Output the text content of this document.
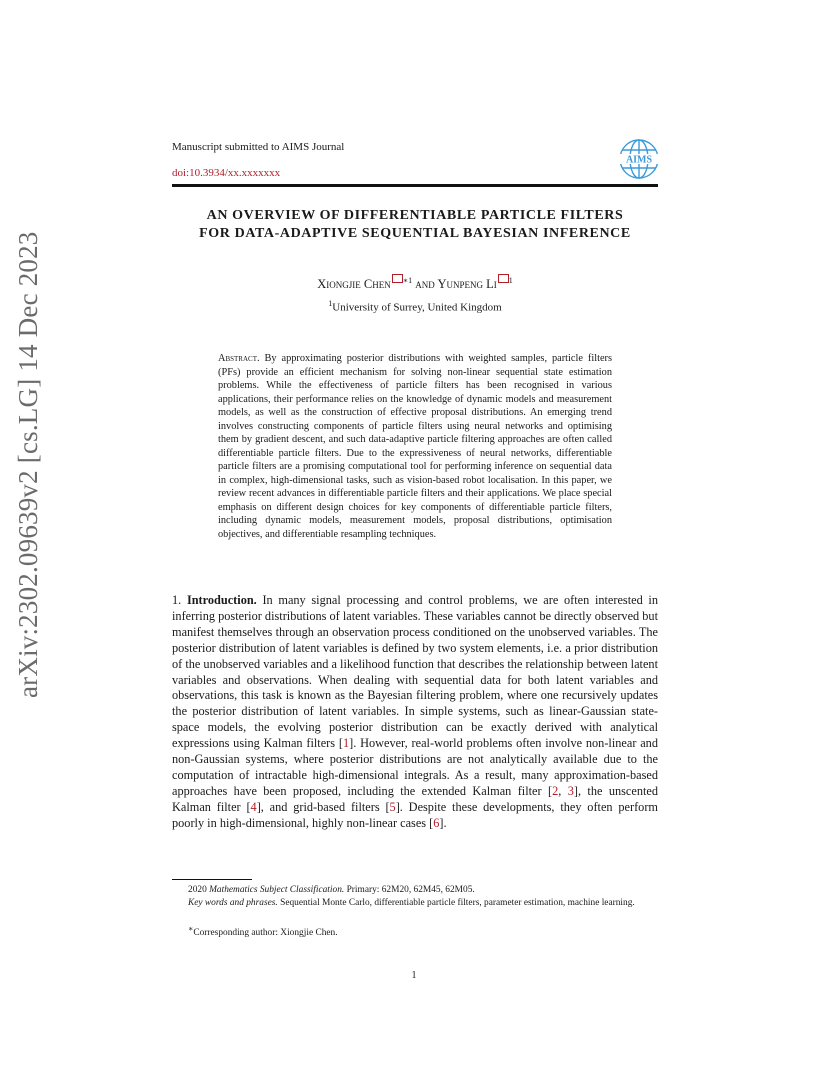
arXiv:2302.09639v2 [cs.LG] 14 Dec 2023
Manuscript submitted to AIMS Journal
doi:10.3934/xx.xxxxxxx
AIMS
AN OVERVIEW OF DIFFERENTIABLE PARTICLE FILTERS
FOR DATA-ADAPTIVE SEQUENTIAL BAYESIAN INFERENCE
Xiongjie Chen $^{∗1}$ and Yunpeng Li $^1$
$^1$University of Surrey, United Kingdom
Abstract. By approximating posterior distributions with weighted samples, particle filters (PFs) provide an efficient mechanism for solving non-linear sequential state estimation problems. While the effectiveness of particle filters has been recognised in various applications, their performance relies on the knowledge of dynamic models and measurement models, as well as the construction of effective proposal distributions. An emerging trend involves constructing components of particle filters using neural networks and optimising them by gradient descent, and such data-adaptive particle filtering approaches are often called differentiable particle filters. Due to the expressiveness of neural networks, differentiable particle filters are a promising computational tool for performing inference on sequential data in complex, high-dimensional tasks, such as vision-based robot localisation. In this paper, we review recent advances in differentiable particle filters and their applications. We place special emphasis on different design choices for key components of differentiable particle filters, including dynamic models, measurement models, proposal distributions, optimisation objectives, and differentiable resampling techniques.
1. Introduction. In many signal processing and control problems, we are often interested in inferring posterior distributions of latent variables. These variables cannot be directly observed but manifest themselves through an observation process conditioned on the unobserved variables. The posterior distribution of latent variables is defined by two system elements, i.e. a prior distribution of the unobserved variables and a likelihood function that describes the relationship between latent variables and observations. When dealing with sequential data for both latent variables and observations, this task is known as the Bayesian filtering problem, where one recursively updates the posterior distribution of latent variables. In simple systems, such as linear-Gaussian state-space models, the evolving posterior distribution can be exactly derived with analytical expressions using Kalman filters [1]. However, real-world problems often involve non-linear and non-Gaussian systems, where posterior distributions are not analytically available due to the computation of intractable high-dimensional integrals. As a result, many approximation-based approaches have been proposed, including the extended Kalman filter [2, 3], the unscented Kalman filter [4], and grid-based filters [5]. Despite these developments, they often perform poorly in high-dimensional, highly non-linear cases [6].
2020 Mathematics Subject Classification. Primary: 62M20, 62M45, 62M05.
Key words and phrases. Sequential Monte Carlo, differentiable particle filters, parameter estimation, machine learning.
∗Corresponding author: Xiongjie Chen.
1
